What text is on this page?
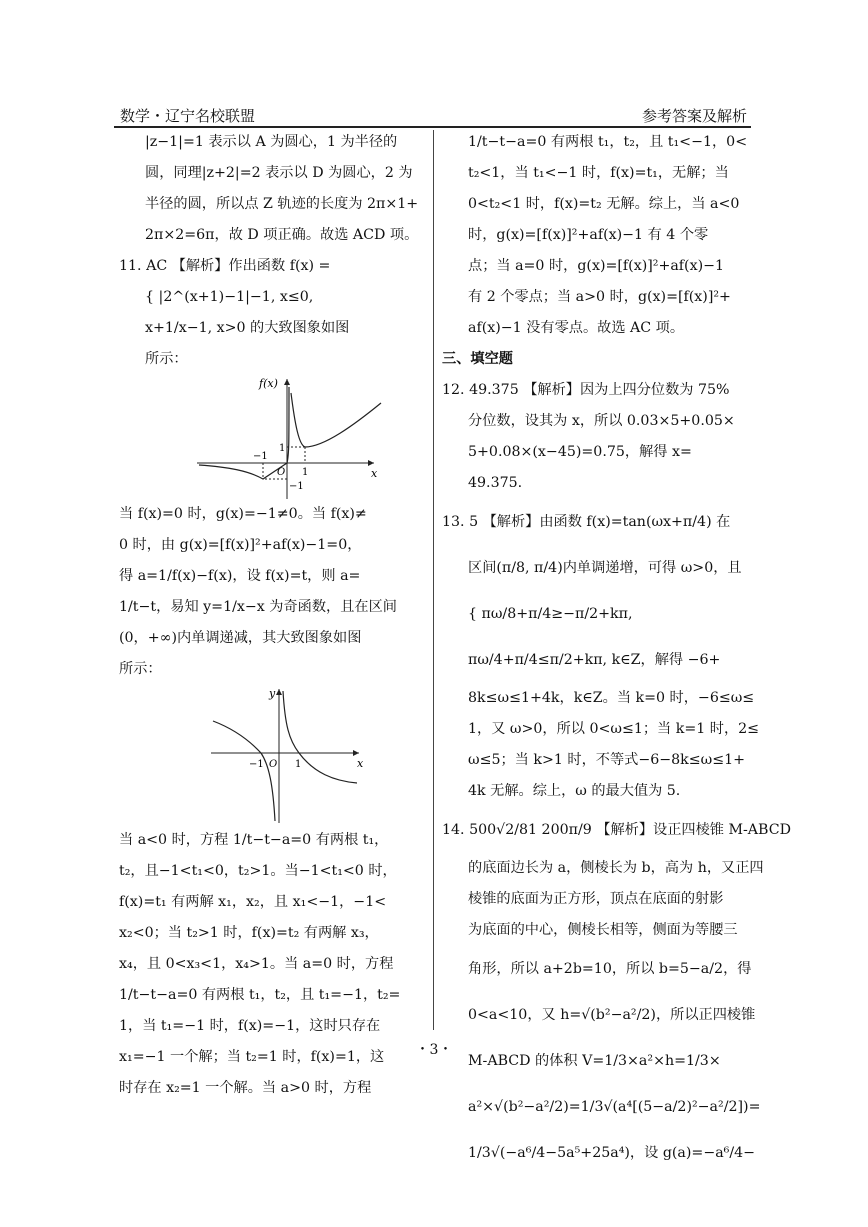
数学・辽宁名校联盟	参考答案及解析

|z−1|=1 表示以 A 为圆心，1 为半径的

圆，同理|z+2|=2 表示以 D 为圆心，2 为

半径的圆，所以点 Z 轨迹的长度为 2π×1+

2π×2=6π，故 D 项正确。故选 ACD 项。

11. AC 【解析】作出函数 f(x) =

{ |2^(x+1)−1|−1, x≤0,

x+1/x−1, x>0 的大致图象如图

所示：

f(x)
x
−1
O 1
1
−1

当 f(x)=0 时，g(x)=−1≠0。当 f(x)≠

0 时，由 g(x)=[f(x)]²+af(x)−1=0，

得 a=1/f(x)−f(x)，设 f(x)=t，则 a=

1/t−t，易知 y=1/x−x 为奇函数，且在区间

(0，+∞)内单调递减，其大致图象如图

所示：

y
x
−1 O 1

当 a<0 时，方程 1/t−t−a=0 有两根 t₁，

t₂，且−1<t₁<0，t₂>1。当−1<t₁<0 时，

f(x)=t₁ 有两解 x₁，x₂，且 x₁<−1，−1<

x₂<0；当 t₂>1 时，f(x)=t₂ 有两解 x₃，

x₄，且 0<x₃<1，x₄>1。当 a=0 时，方程

1/t−t−a=0 有两根 t₁，t₂，且 t₁=−1，t₂=

1，当 t₁=−1 时，f(x)=−1，这时只存在

x₁=−1 一个解；当 t₂=1 时，f(x)=1，这

时存在 x₂=1 一个解。当 a>0 时，方程

1/t−t−a=0 有两根 t₁，t₂，且 t₁<−1，0<

t₂<1，当 t₁<−1 时，f(x)=t₁，无解；当

0<t₂<1 时，f(x)=t₂ 无解。综上，当 a<0

时，g(x)=[f(x)]²+af(x)−1 有 4 个零

点；当 a=0 时，g(x)=[f(x)]²+af(x)−1

有 2 个零点；当 a>0 时，g(x)=[f(x)]²+

af(x)−1 没有零点。故选 AC 项。

三、填空题

12. 49.375 【解析】因为上四分位数为 75%

分位数，设其为 x，所以 0.03×5+0.05×

5+0.08×(x−45)=0.75，解得 x=

49.375.

13. 5 【解析】由函数 f(x)=tan(ωx+π/4) 在

区间(π/8, π/4)内单调递增，可得 ω>0，且

{ πω/8+π/4≥−π/2+kπ,

πω/4+π/4≤π/2+kπ, k∈Z，解得 −6+

8k≤ω≤1+4k，k∈Z。当 k=0 时，−6≤ω≤

1，又 ω>0，所以 0<ω≤1；当 k=1 时，2≤

ω≤5；当 k>1 时，不等式−6−8k≤ω≤1+

4k 无解。综上，ω 的最大值为 5.

14. 500√2/81 200π/9 【解析】设正四棱锥 M-ABCD

的底面边长为 a，侧棱长为 b，高为 h，又正四

棱锥的底面为正方形，顶点在底面的射影

为底面的中心，侧棱长相等，侧面为等腰三

角形，所以 a+2b=10，所以 b=5−a/2，得

0<a<10，又 h=√(b²−a²/2)，所以正四棱锥

M-ABCD 的体积 V=1/3×a²×h=1/3×

a²×√(b²−a²/2)=1/3√(a⁴[(5−a/2)²−a²/2])=

1/3√(−a⁶/4−5a⁵+25a⁴)，设 g(a)=−a⁶/4−

・3・
